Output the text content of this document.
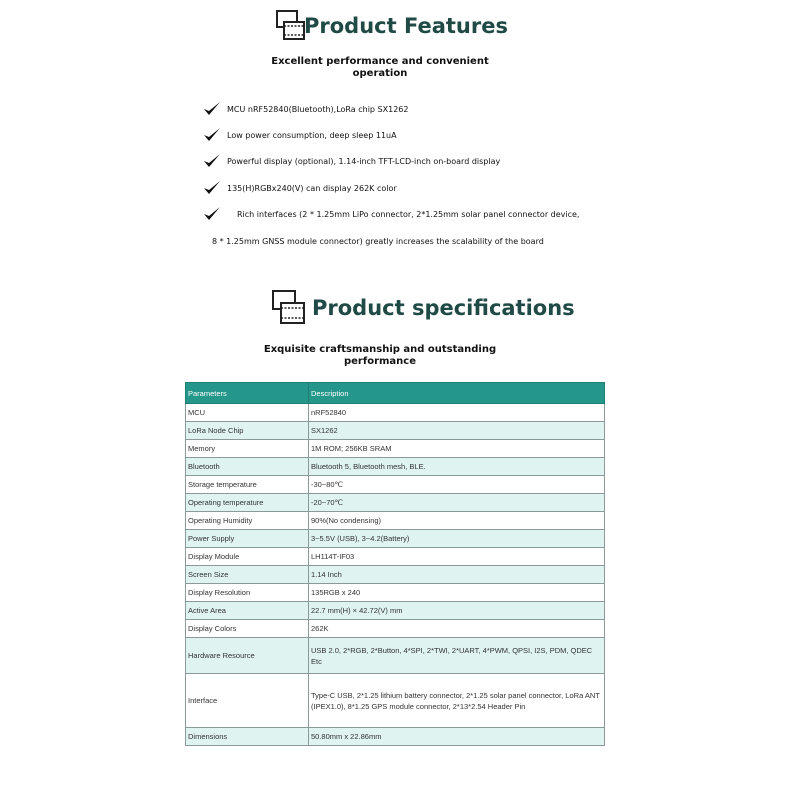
Product Features
Excellent performance and convenient
operation
MCU nRF52840(Bluetooth),LoRa chip SX1262
Low power consumption, deep sleep 11uA
Powerful display (optional), 1.14-inch TFT-LCD-inch on-board display
135(H)RGBx240(V) can display 262K color
Rich interfaces (2 * 1.25mm LiPo connector, 2*1.25mm solar panel connector device,
8 * 1.25mm GNSS module connector) greatly increases the scalability of the board
Product specifications
Exquisite craftsmanship and outstanding
performance
Parameters	Description
MCU	nRF52840
LoRa Node Chip	SX1262
Memory	1M ROM; 256KB SRAM
Bluetooth	Bluetooth 5, Bluetooth mesh, BLE.
Storage temperature	-30~80℃
Operating temperature	-20~70℃
Operating Humidity	90%(No condensing)
Power Supply	3~5.5V (USB), 3~4.2(Battery)
Display Module	LH114T-IF03
Screen Size	1.14 Inch
Display Resolution	135RGB x 240
Active Area	22.7 mm(H) × 42.72(V) mm
Display Colors	262K
Hardware Resource	USB 2.0, 2*RGB, 2*Button, 4*SPI, 2*TWI, 2*UART, 4*PWM, QPSI, I2S, PDM, QDEC Etc
Interface	Type-C USB, 2*1.25 lithium battery connector, 2*1.25 solar panel connector, LoRa ANT (IPEX1.0), 8*1.25 GPS module connector, 2*13*2.54 Header Pin
Dimensions	50.80mm x 22.86mm
